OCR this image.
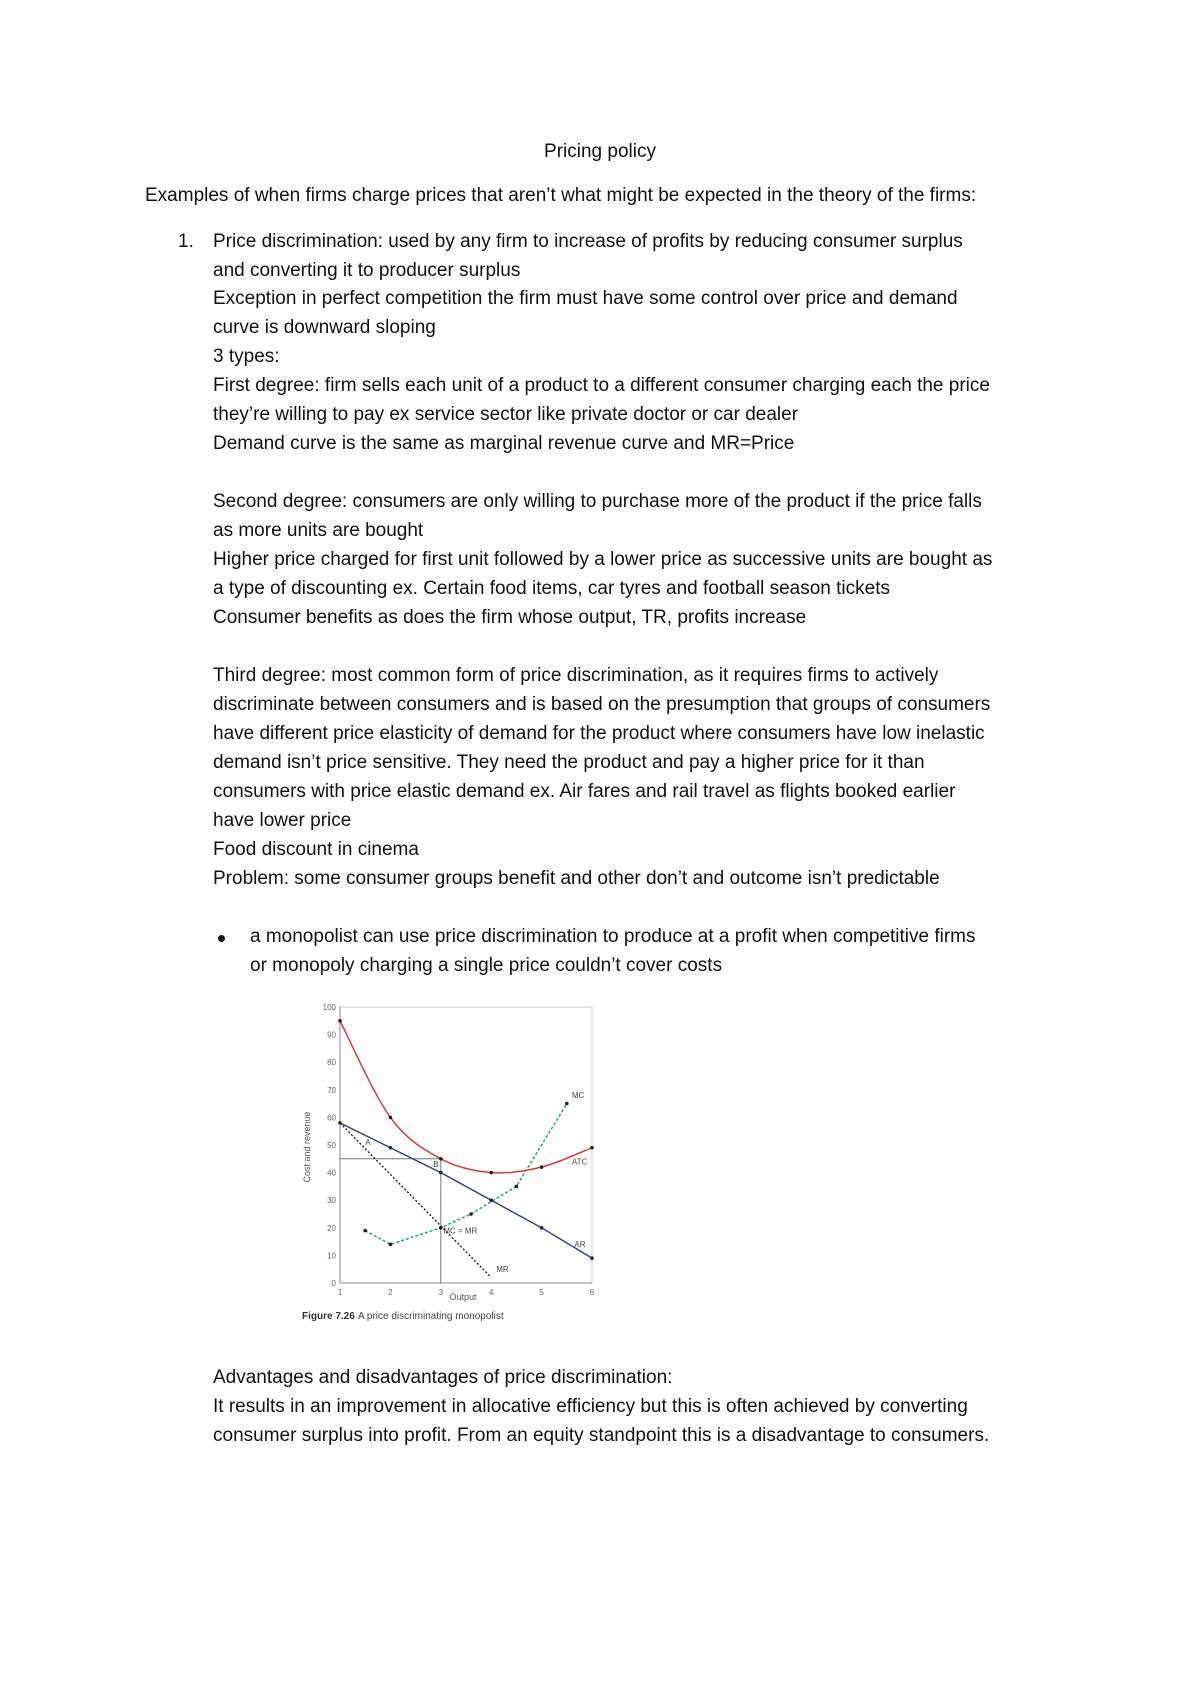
Pricing policy
Examples of when firms charge prices that aren’t what might be expected in the theory of the firms:
1. Price discrimination: used by any firm to increase of profits by reducing consumer surplus
and converting it to producer surplus
Exception in perfect competition the firm must have some control over price and demand
curve is downward sloping
3 types:
First degree: firm sells each unit of a product to a different consumer charging each the price
they’re willing to pay ex service sector like private doctor or car dealer
Demand curve is the same as marginal revenue curve and MR=Price
Second degree: consumers are only willing to purchase more of the product if the price falls
as more units are bought
Higher price charged for first unit followed by a lower price as successive units are bought as
a type of discounting ex. Certain food items, car tyres and football season tickets
Consumer benefits as does the firm whose output, TR, profits increase
Third degree: most common form of price discrimination, as it requires firms to actively
discriminate between consumers and is based on the presumption that groups of consumers
have different price elasticity of demand for the product where consumers have low inelastic
demand isn’t price sensitive. They need the product and pay a higher price for it than
consumers with price elastic demand ex. Air fares and rail travel as flights booked earlier
have lower price
Food discount in cinema
Problem: some consumer groups benefit and other don’t and outcome isn’t predictable
a monopolist can use price discrimination to produce at a profit when competitive firms
or monopoly charging a single price couldn’t cover costs
0
10
20
30
40
50
60
70
80
90
100
1	2	3	4	5	6
MC
ATC
AR
MR
MC = MR
A
B
Output
Cost and revenue
Figure 7.26 A price discriminating monopolist
Advantages and disadvantages of price discrimination:
It results in an improvement in allocative efficiency but this is often achieved by converting
consumer surplus into profit. From an equity standpoint this is a disadvantage to consumers.
